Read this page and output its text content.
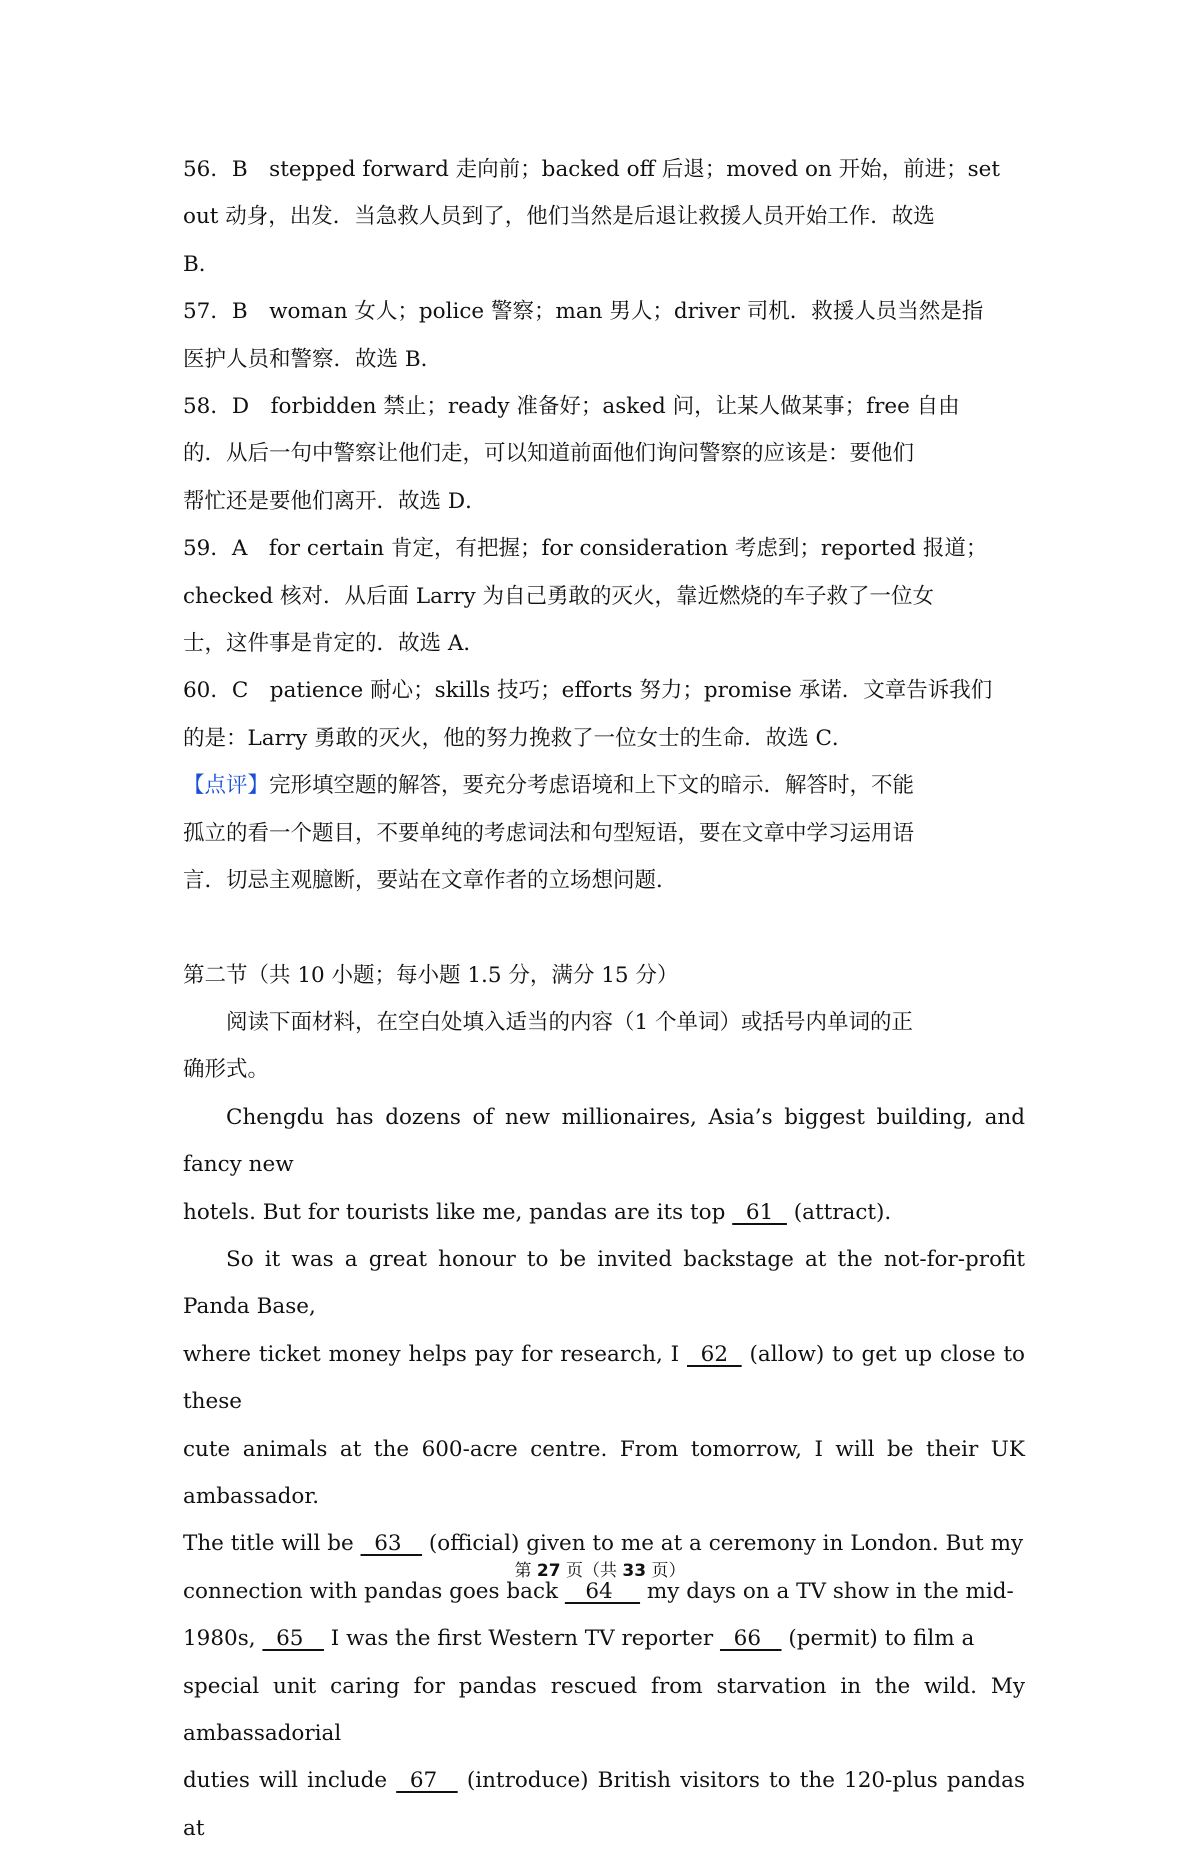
56．B　stepped forward 走向前；backed off 后退；moved on 开始，前进；set
out 动身，出发．当急救人员到了，他们当然是后退让救援人员开始工作．故选
B．
57．B　woman 女人；police 警察；man 男人；driver 司机．救援人员当然是指
医护人员和警察．故选 B．
58．D　forbidden 禁止；ready 准备好；asked 问，让某人做某事；free 自由
的．从后一句中警察让他们走，可以知道前面他们询问警察的应该是：要他们
帮忙还是要他们离开．故选 D．
59．A　for certain 肯定，有把握；for consideration 考虑到；reported 报道；
checked 核对．从后面 Larry 为自己勇敢的灭火，靠近燃烧的车子救了一位女
士，这件事是肯定的．故选 A．
60．C　patience 耐心；skills 技巧；efforts 努力；promise 承诺．文章告诉我们
的是：Larry 勇敢的灭火，他的努力挽救了一位女士的生命．故选 C．
【点评】完形填空题的解答，要充分考虑语境和上下文的暗示．解答时，不能
孤立的看一个题目，不要单纯的考虑词法和句型短语，要在文章中学习运用语
言．切忌主观臆断，要站在文章作者的立场想问题．
第二节（共 10 小题；每小题 1.5 分，满分 15 分）
阅读下面材料，在空白处填入适当的内容（1 个单词）或括号内单词的正
确形式。
Chengdu has dozens of new millionaires, Asia’s biggest building, and fancy new
hotels. But for tourists like me, pandas are its top   61   (attract).
So it was a great honour to be invited backstage at the not-for-profit Panda Base,
where ticket money helps pay for research, I   62   (allow) to get up close to these
cute animals at the 600-acre centre. From tomorrow, I will be their UK ambassador.
The title will be   63    (official) given to me at a ceremony in London. But my
connection with pandas goes back    64     my days on a TV show in the mid-
1980s,   65    I was the first Western TV reporter   66    (permit) to film a
special unit caring for pandas rescued from starvation in the wild. My ambassadorial
duties will include   67    (introduce) British visitors to the 120-plus pandas at
第 27 页（共 33 页）
